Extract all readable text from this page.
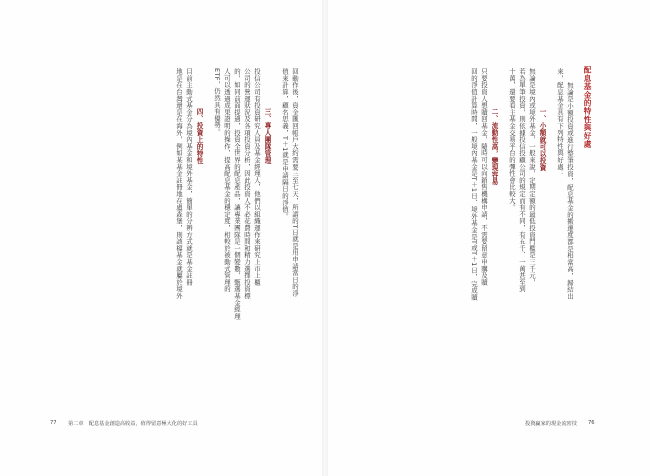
回動作後，資金匯回帳戶大約需要三至七天，所謂的T日就是用申請當日的淨
值來計算，顧名思義，T＋1就是申請隔日的淨值。
三、專人團隊管理
投信公司有投資研究人員及基金經理人，他們以組織運作來研究上市上櫃
公司的營運狀況及各項投資分析，因此投資人不必花費時間和精力選擇投資標
的，如同前面提過，投資全世界的配息產品，讓專業團隊是一個變數，甄選基金經理
人可以透過成果證明的操作，提高配息基金的穩定度，相較於被動式管理的
ETF，仍然具有優勢。
四、投資上的特性
目前主動式基金分為境內基金和境外基金，簡單的分辨方式就是基金註冊
地是在台灣還是在海外，例如某基金註冊地在盧森堡，則該檔基金就屬於境外
77 第二章　配息基金創造高收益，值得留意極大化的好工具
配息基金的特性與好處
無論是小額投資或進行整筆投資，配息基金的搬遷度都是相當高，歸結出
來，配息基金具有下列特性與好處：
一、小額就可以投資
無論是境內或境外基金，一般來說，定期定額的最低投資門檻是三千元，
若為單筆投資，則依據投信投顧公司的規定而有不同，有五千、一萬甚至到
十萬，還要看主基金交易平台的彈性會比較大。
二、流動性高，變現容易
只要投資人想贖回基金，隨時可以向銷售機構申請，不需要留意申購及贖
回的淨值計算時間，一般境內基金是T＋1日、境外基金是T或T＋1日，完成贖
投資贏家的現金流密技 76
